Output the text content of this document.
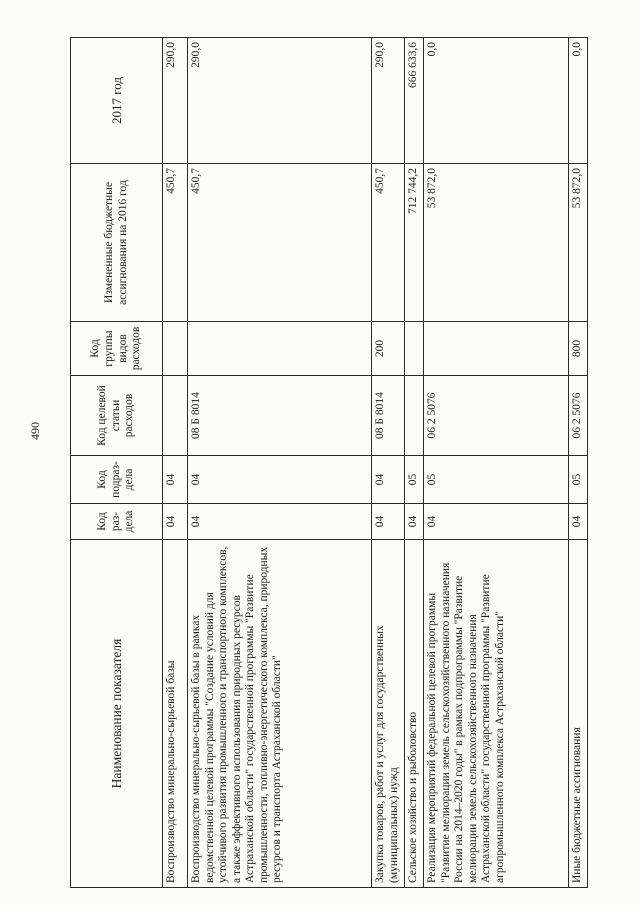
490
Наименование показателя	Код раз- дела	Код подраз- дела	Код целевой статьи расходов	Код группы видов расходов	Измененные бюджетные ассигнования на 2016 год	2017 год
Воспроизводство минерально-сырьевой базы	04	04			450,7	290,0
Воспроизводство минерально-сырьевой базы в рамках ведомственной целевой программы "Создание условий для устойчивого развития промышленного и транспортного комплексов, а также эффективного использования природных ресурсов Астраханской области" государственной программы "Развитие промышленности, топливно-энергетического комплекса, природных ресурсов и транспорта Астраханской области"	04	04	08 Б 8014		450,7	290,0
Закупка товаров, работ и услуг для государственных (муниципальных) нужд	04	04	08 Б 8014	200	450,7	290,0
Сельское хозяйство и рыболовство	04	05			712 744,2	666 633,6
Реализация мероприятий федеральной целевой программы "Развитие мелиорации земель сельскохозяйственного назначения России на 2014–2020 годы" в рамках подпрограммы "Развитие мелиорации земель сельскохозяйственного назначения Астраханской области" государственной программы "Развитие агропромышленного комплекса Астраханской области"	04	05	06 2 5076		53 872,0	0,0
Иные бюджетные ассигнования	04	05	06 2 5076	800	53 872,0	0,0
